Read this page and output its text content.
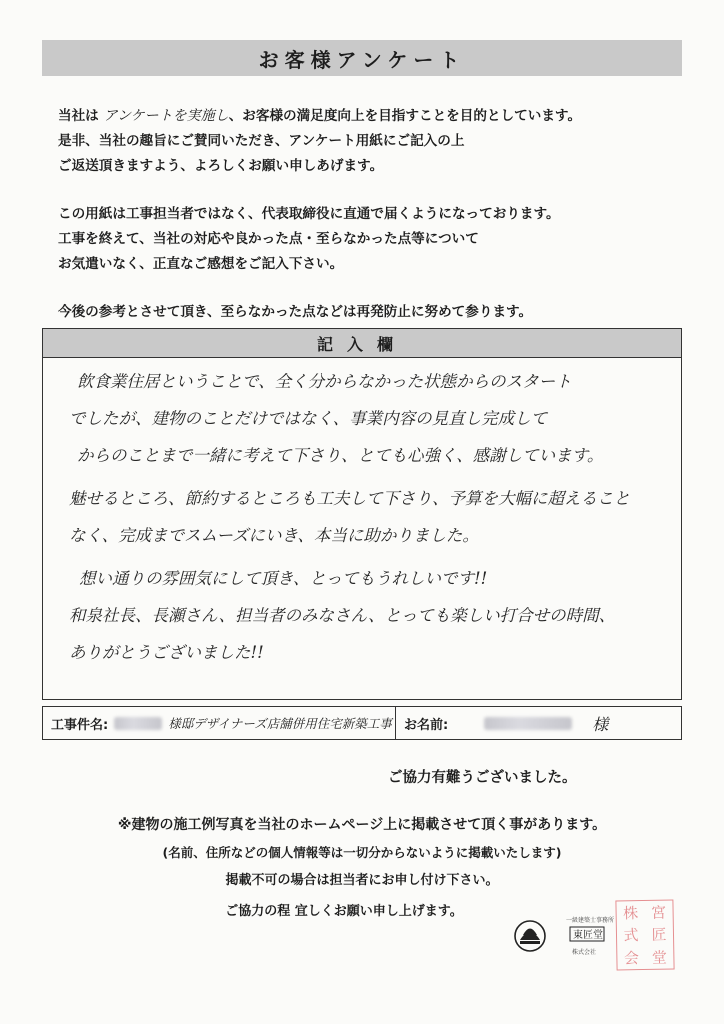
お客様アンケート

当社は アンケートを実施し、お客様の満足度向上を目指すことを目的としています。

是非、当社の趣旨にご賛同いただき、アンケート用紙にご記入の上

ご返送頂きますよう、よろしくお願い申しあげます。

この用紙は工事担当者ではなく、代表取締役に直通で届くようになっております。

工事を終えて、当社の対応や良かった点・至らなかった点等について

お気遣いなく、正直なご感想をご記入下さい。

今後の参考とさせて頂き、至らなかった点などは再発防止に努めて参ります。

記入欄
飲食業住居ということで、全く分からなかった状態からのスタート
でしたが、建物のことだけではなく、事業内容の見直し完成して
からのことまで一緒に考えて下さり、とても心強く、感謝しています。
魅せるところ、節約するところも工夫して下さり、予算を大幅に超えること
なく、完成までスムーズにいき、本当に助かりました。
想い通りの雰囲気にして頂き、とってもうれしいです!!
和泉社長、長瀬さん、担当者のみなさん、とっても楽しい打合せの時間、
ありがとうございました!!
工事件名:	様邸デザイナーズ店舗併用住宅新築工事 お名前:	様
ご協力有難うございました。
※建物の施工例写真を当社のホームページ上に掲載させて頂く事があります。
(名前、住所などの個人情報等は一切分からないように掲載いたします)
掲載不可の場合は担当者にお申し付け下さい。
ご協力の程 宜しくお願い申し上げます。
一級建築士事務所
東匠堂
株式会社
株 宮
式 匠
会 堂
